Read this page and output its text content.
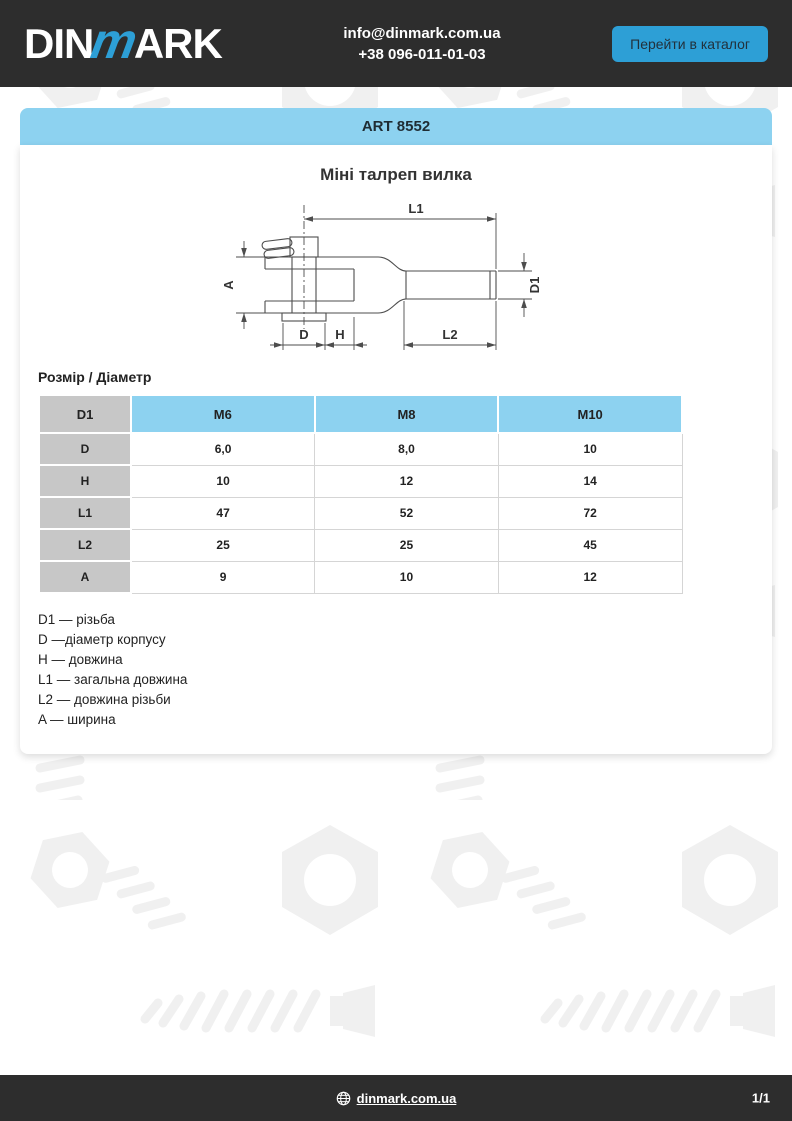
DIN
m
ARK	info@dinmark.com.ua
+38 096-011-01-03
Перейти в каталог
ART 8552
Міні талреп вилка
L1
A	D1
D H	L2
Розмір / Діаметр
D1	M6	M8	M10
D	6,0	8,0	10
H	10	12	14
L1	47	52	72
L2	25	25	45
A	9	10	12
D1 — різьба
D —діаметр корпусу
H — довжина
L1 — загальна довжина
L2 — довжина різьби
A — ширина
dinmark.com.ua	1/1
